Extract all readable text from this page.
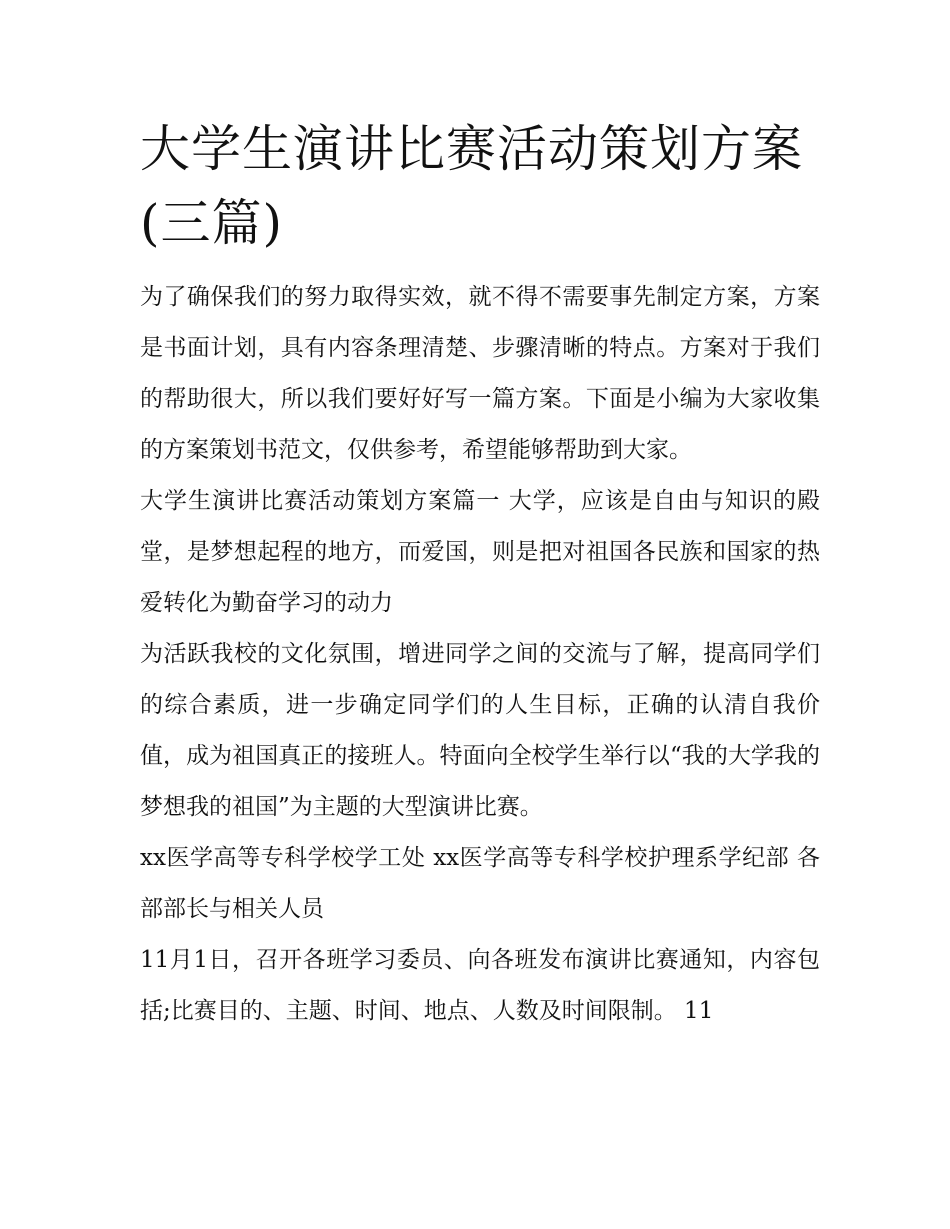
大学生演讲比赛活动策划方案(三篇)

为了确保我们的努力取得实效，就不得不需要事先制定方案，方案是书面计划，具有内容条理清楚、步骤清晰的特点。方案对于我们的帮助很大，所以我们要好好写一篇方案。下面是小编为大家收集的方案策划书范文，仅供参考，希望能够帮助到大家。

大学生演讲比赛活动策划方案篇一 大学，应该是自由与知识的殿堂，是梦想起程的地方，而爱国，则是把对祖国各民族和国家的热爱转化为勤奋学习的动力

为活跃我校的文化氛围，增进同学之间的交流与了解，提高同学们的综合素质，进一步确定同学们的人生目标，正确的认清自我价值，成为祖国真正的接班人。特面向全校学生举行以“我的大学我的梦想我的祖国”为主题的大型演讲比赛。

xx医学高等专科学校学工处 xx医学高等专科学校护理系学纪部 各部部长与相关人员

11月1日，召开各班学习委员、向各班发布演讲比赛通知，内容包括;比赛目的、主题、时间、地点、人数及时间限制。 11
